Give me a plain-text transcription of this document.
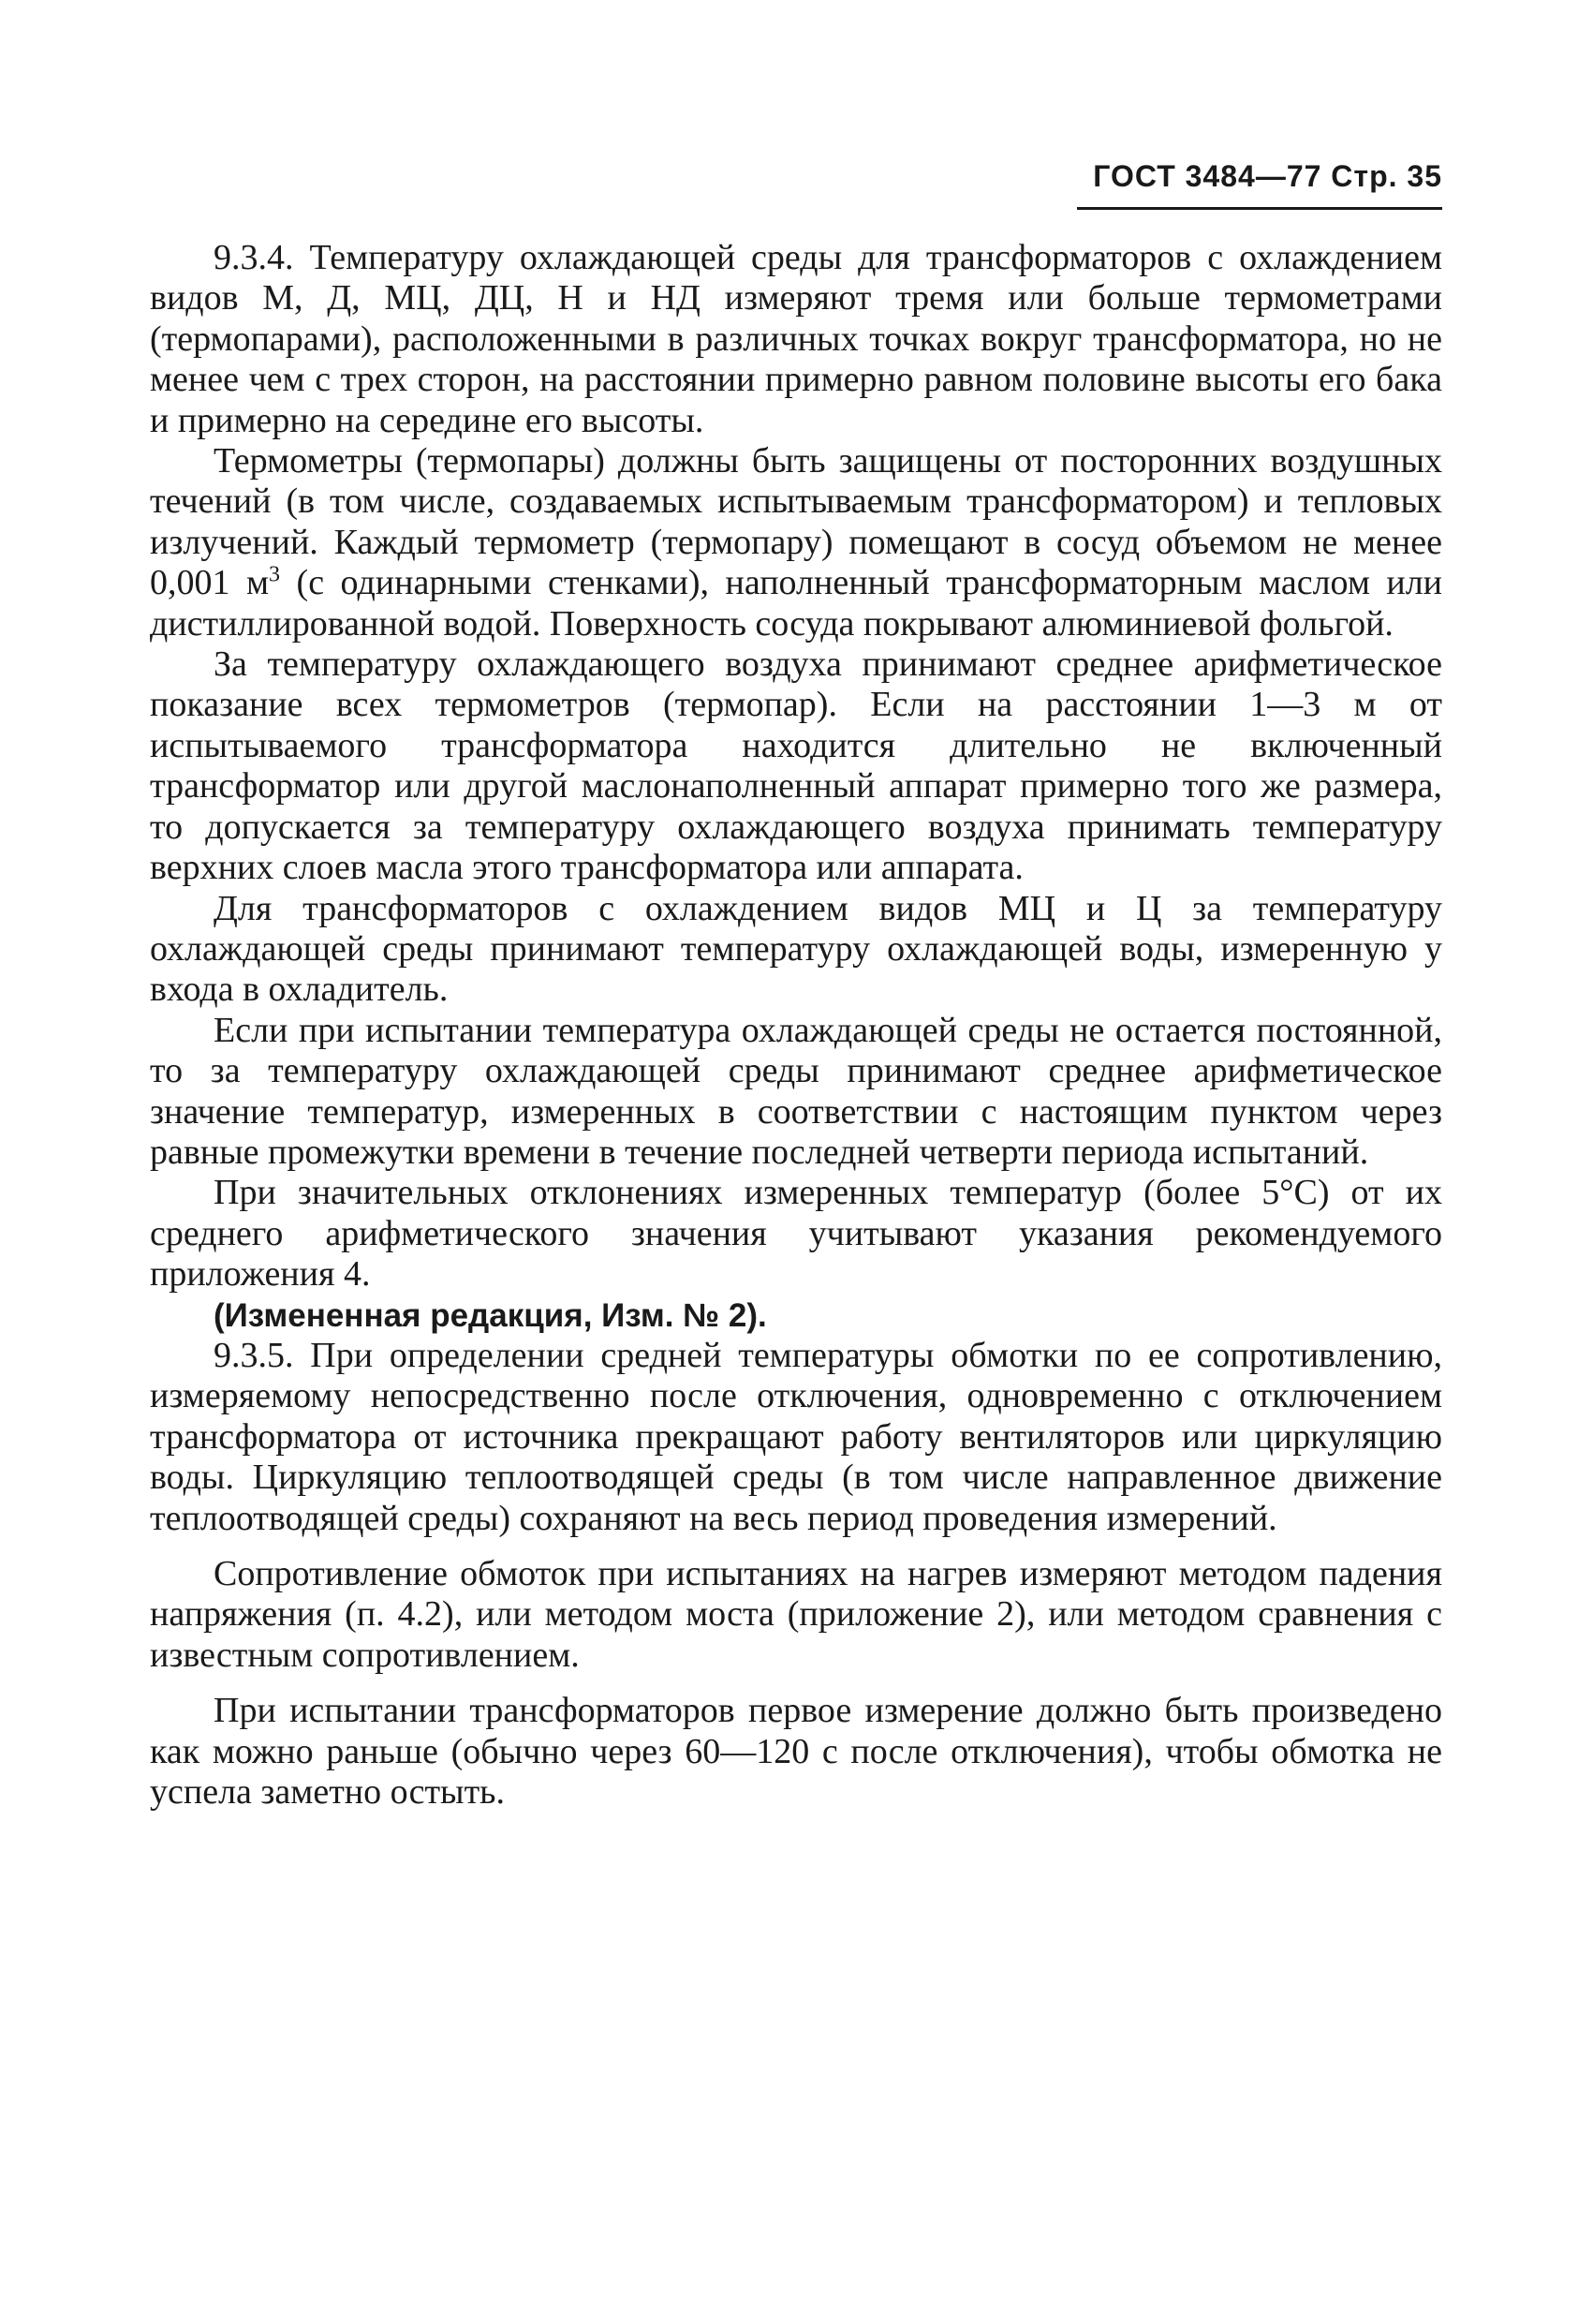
ГОСТ 3484—77 Стр. 35

9.3.4. Температуру охлаждающей среды для трансформаторов с охлаждением видов М, Д, МЦ, ДЦ, Н и НД измеряют тремя или больше термометрами (термопарами), расположенными в различных точках вокруг трансформатора, но не менее чем с трех сторон, на расстоянии примерно равном половине высоты его бака и примерно на середине его высоты.

Термометры (термопары) должны быть защищены от посторонних воздушных течений (в том числе, создаваемых испытываемым трансформатором) и тепловых излучений. Каждый термометр (термопару) помещают в сосуд объемом не менее 0,001 $м^3$ (с одинарными стенками), наполненный трансформаторным маслом или дистиллированной водой. Поверхность сосуда покрывают алюминиевой фольгой.

За температуру охлаждающего воздуха принимают среднее арифметическое показание всех термометров (термопар). Если на расстоянии 1—3 м от испытываемого трансформатора находится длительно не включенный трансформатор или другой маслонаполненный аппарат примерно того же размера, то допускается за температуру охлаждающего воздуха принимать температуру верхних слоев масла этого трансформатора или аппарата.

Для трансформаторов с охлаждением видов МЦ и Ц за температуру охлаждающей среды принимают температуру охлаждающей воды, измеренную у входа в охладитель.

Если при испытании температура охлаждающей среды не остается постоянной, то за температуру охлаждающей среды принимают среднее арифметическое значение температур, измеренных в соответствии с настоящим пунктом через равные промежутки времени в течение последней четверти периода испытаний.

При значительных отклонениях измеренных температур (более 5°С) от их среднего арифметического значения учитывают указания рекомендуемого приложения 4.

(Измененная редакция, Изм. № 2).

9.3.5. При определении средней температуры обмотки по ее сопротивлению, измеряемому непосредственно после отключения, одновременно с отключением трансформатора от источника прекращают работу вентиляторов или циркуляцию воды. Циркуляцию теплоотводящей среды (в том числе направленное движение теплоотводящей среды) сохраняют на весь период проведения измерений.

Сопротивление обмоток при испытаниях на нагрев измеряют методом падения напряжения (п. 4.2), или методом моста (приложение 2), или методом сравнения с известным сопротивлением.

При испытании трансформаторов первое измерение должно быть произведено как можно раньше (обычно через 60—120 с после отключения), чтобы обмотка не успела заметно остыть.
